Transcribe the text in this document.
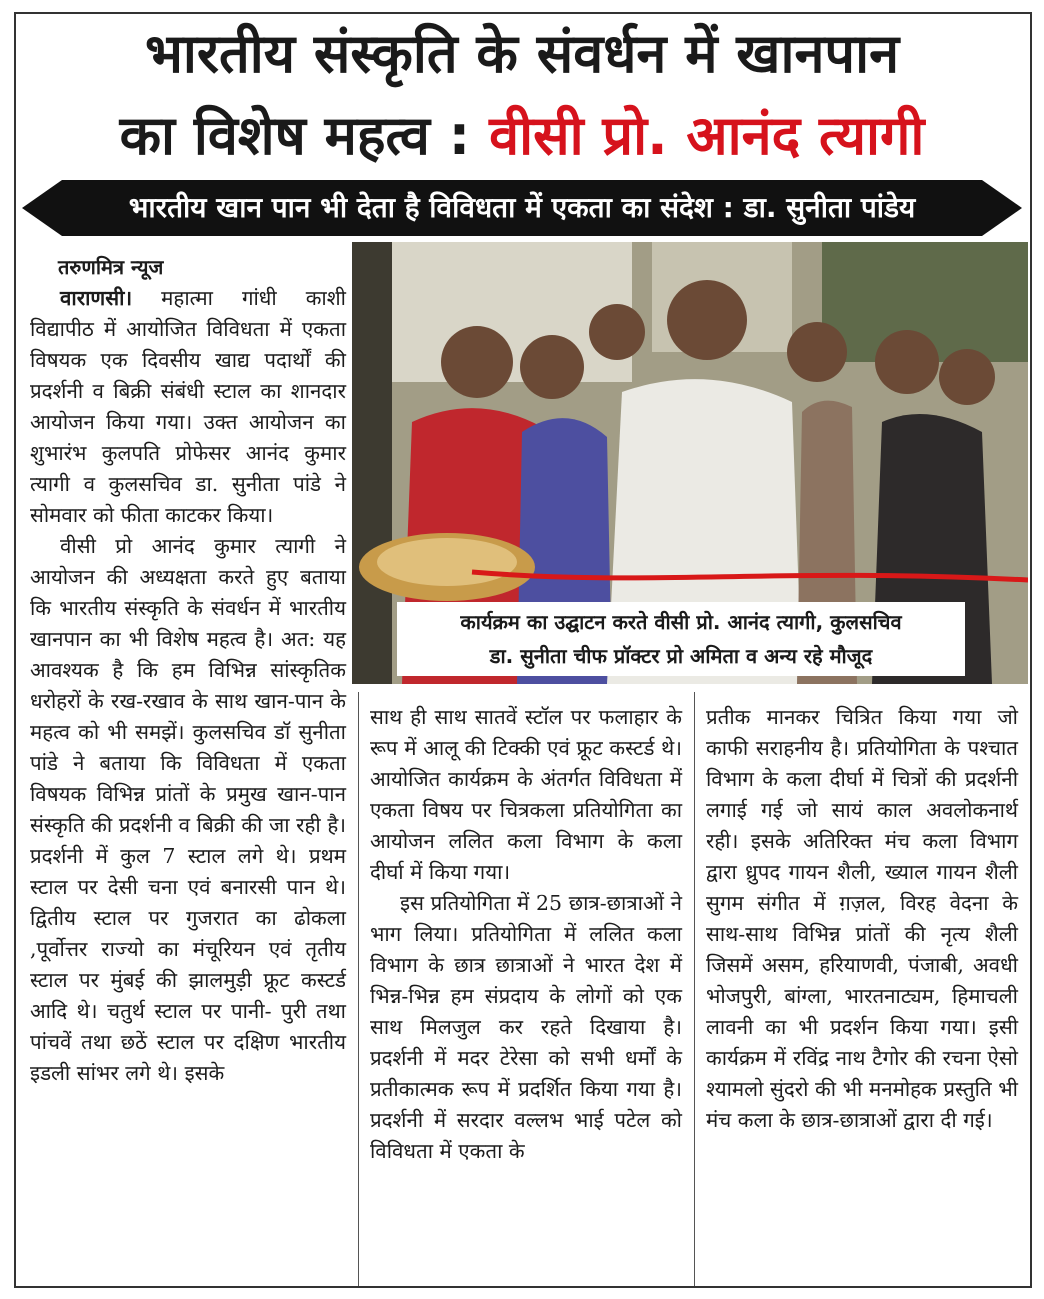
भारतीय संस्कृति के संवर्धन में खानपान
का विशेष महत्व : वीसी प्रो. आनंद त्यागी
भारतीय खान पान भी देता है विविधता में एकता का संदेश : डा. सुनीता पांडेय
तरुणमित्र न्यूज

वाराणसी। महात्मा गांधी काशी विद्यापीठ में आयोजित विविधता में एकता विषयक एक दिवसीय खाद्य पदार्थों की प्रदर्शनी व बिक्री संबंधी स्टाल का शानदार आयोजन किया गया। उक्त आयोजन का शुभारंभ कुलपति प्रोफेसर आनंद कुमार त्यागी व कुलसचिव डा. सुनीता पांडे ने सोमवार को फीता काटकर किया।

वीसी प्रो आनंद कुमार त्यागी ने आयोजन की अध्यक्षता करते हुए बताया कि भारतीय संस्कृति के संवर्धन में भारतीय खानपान का भी विशेष महत्व है। अत: यह आवश्यक है कि हम विभिन्न सांस्कृतिक धरोहरों के रख-रखाव के साथ खान-पान के महत्व को भी समझें। कुलसचिव डॉ सुनीता पांडे ने बताया कि विविधता में एकता विषयक विभिन्न प्रांतों के प्रमुख खान-पान संस्कृति की प्रदर्शनी व बिक्री की जा रही है। प्रदर्शनी में कुल 7 स्टाल लगे थे। प्रथम स्टाल पर देसी चना एवं बनारसी पान थे। द्वितीय स्टाल पर गुजरात का ढोकला ,पूर्वोत्तर राज्यो का मंचूरियन एवं तृतीय स्टाल पर मुंबई की झालमुड़ी फ्रूट कस्टर्ड आदि थे। चतुर्थ स्टाल पर पानी- पुरी तथा पांचवें तथा छठें स्टाल पर दक्षिण भारतीय इडली सांभर लगे थे। इसके

कार्यक्रम का उद्घाटन करते वीसी प्रो. आनंद त्यागी, कुलसचिव
डा. सुनीता चीफ प्रॉक्टर प्रो अमिता व अन्य रहे मौजूद

साथ ही साथ सातवें स्टॉल पर फलाहार के रूप में आलू की टिक्की एवं फ्रूट कस्टर्ड थे। आयोजित कार्यक्रम के अंतर्गत विविधता में एकता विषय पर चित्रकला प्रतियोगिता का आयोजन ललित कला विभाग के कला दीर्घा में किया गया।

इस प्रतियोगिता में 25 छात्र-छात्राओं ने भाग लिया। प्रतियोगिता में ललित कला विभाग के छात्र छात्राओं ने भारत देश में भिन्न-भिन्न हम संप्रदाय के लोगों को एक साथ मिलजुल कर रहते दिखाया है। प्रदर्शनी में मदर टेरेसा को सभी धर्मों के प्रतीकात्मक रूप में प्रदर्शित किया गया है। प्रदर्शनी में सरदार वल्लभ भाई पटेल को विविधता में एकता के

प्रतीक मानकर चित्रित किया गया जो काफी सराहनीय है। प्रतियोगिता के पश्चात विभाग के कला दीर्घा में चित्रों की प्रदर्शनी लगाई गई जो सायं काल अवलोकनार्थ रही। इसके अतिरिक्त मंच कला विभाग द्वारा ध्रुपद गायन शैली, ख्याल गायन शैली सुगम संगीत में ग़ज़ल, विरह वेदना के साथ-साथ विभिन्न प्रांतों की नृत्य शैली जिसमें असम, हरियाणवी, पंजाबी, अवधी भोजपुरी, बांग्ला, भारतनाट्यम, हिमाचली लावनी का भी प्रदर्शन किया गया। इसी कार्यक्रम में रविंद्र नाथ टैगोर की रचना ऐसो श्यामलो सुंदरो की भी मनमोहक प्रस्तुति भी मंच कला के छात्र-छात्राओं द्वारा दी गई।
